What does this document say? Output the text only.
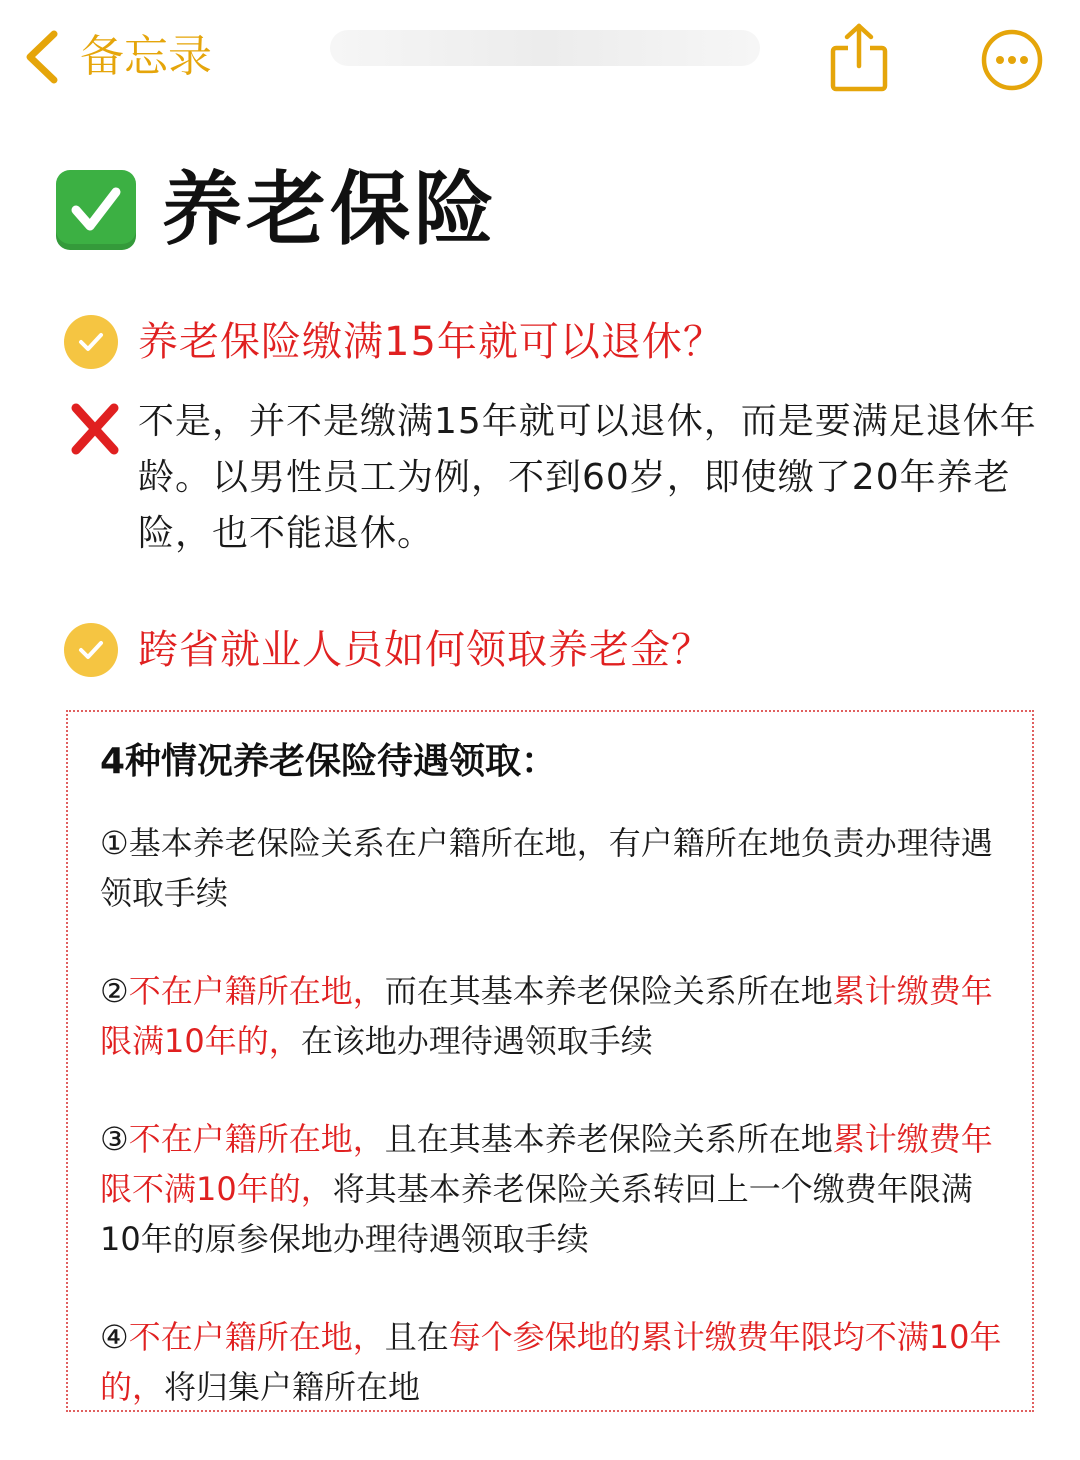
备忘录
养老保险
养老保险缴满15年就可以退休？
不是，并不是缴满15年就可以退休，而是要满足退休年龄。以男性员工为例，不到60岁，即使缴了20年养老险，也不能退休。
跨省就业人员如何领取养老金？
4种情况养老保险待遇领取：
①基本养老保险关系在户籍所在地，有户籍所在地负责办理待遇领取手续
②不在户籍所在地，而在其基本养老保险关系所在地累计缴费年限满10年的，在该地办理待遇领取手续
③不在户籍所在地，且在其基本养老保险关系所在地累计缴费年限不满10年的，将其基本养老保险关系转回上一个缴费年限满10年的原参保地办理待遇领取手续
④不在户籍所在地，且在每个参保地的累计缴费年限均不满10年的，将归集户籍所在地
